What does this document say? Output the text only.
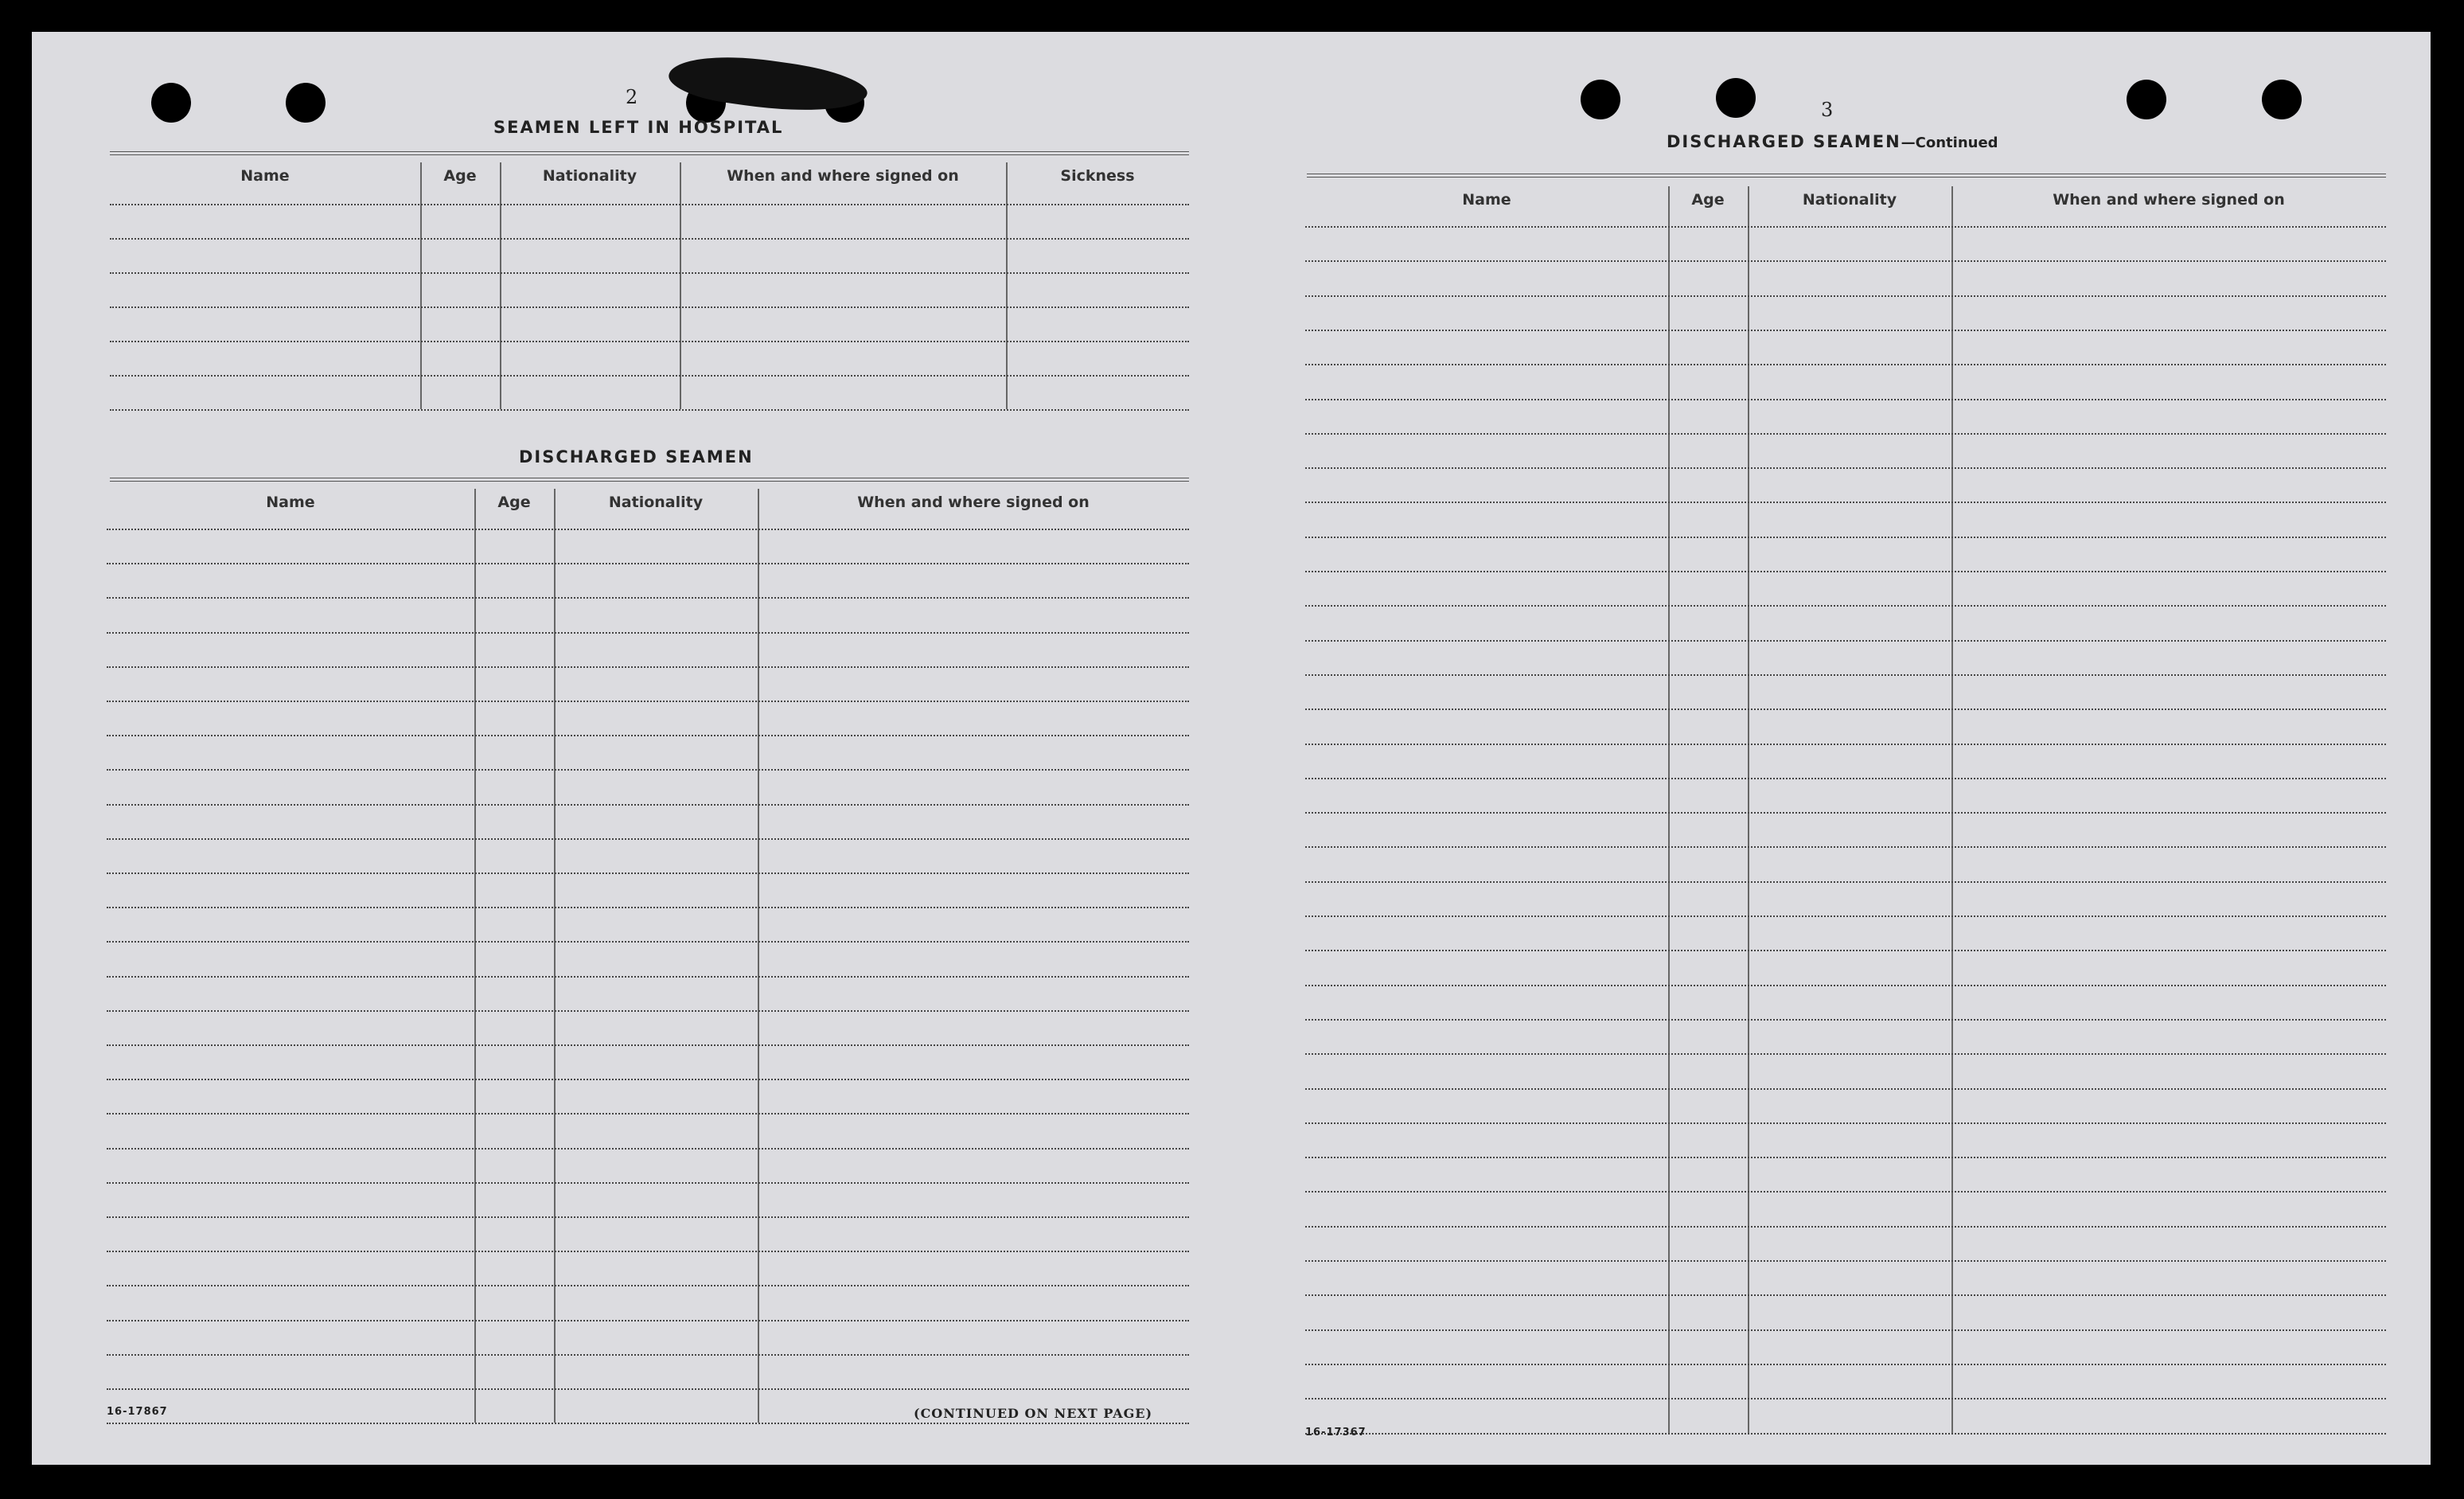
2
SEAMEN LEFT IN HOSPITAL
Name	Age	Nationality	When and where signed on	Sickness
DISCHARGED SEAMEN
Name	Age	Nationality	When and where signed on
16-17867	(CONTINUED ON NEXT PAGE)
3
DISCHARGED SEAMEN—Continued
Name	Age	Nationality	When and where signed on
16-17367
